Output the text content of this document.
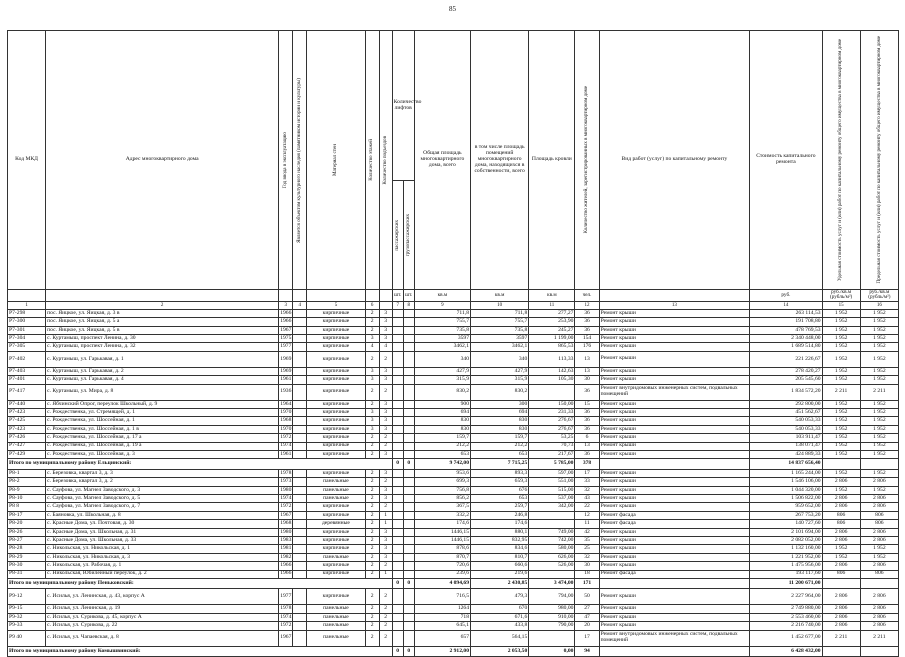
85
Код МКД	Адрес многоквартирного дома	Год ввода в эксплуатацию	Является объектом культурного наследия (памятником истории и культуры)	Материал стен	Количество этажей	Количество подъездов	Количество лифтов		Общая площадь многоквартирного дома, всего	в том числе площадь помещений многоквартирного дома, находящихся в собственности, всего	Площадь кровли	Количество жителей, зарегистрированных в многоквартирном доме	Вид работ (услуг) по капитальному ремонту	Стоимость капитального ремонта	Удельная стоимость услуг и (или) работ по капитальному ремонту общего имущества в многоквартирном доме	Предельная стоимость услуг и (или) работ по капитальному ремонту общего имущества в многоквартирном доме

							пассажирских	грузопассажирских								

							шт.	шт.	кв.м	кв.м	кв.м	чел.		руб.	руб./кв.м (рубль/м²)	руб./кв.м (рубль/м²)
1	2	3	4	5	6		7	8	9	10	11	12	13	14	15	16
P7-298	пос. Яицкое, ул. Яицкая, д. 3 в	1966		кирпичные	2	3			711,8	711,8	277,27	36	Ремонт крыши	263 114,53	1 952	1 952
P7-300	пос. Яицкое, ул. Яицкая, д. 5 а	1966		кирпичные	2	3			755,7	755,7	253,90	36	Ремонт крыши	191 708,80	1 952	1 952
P7-301	пос. Яицкое, ул. Яицкая, д. 5 в	1967		кирпичные	2	3			735,8	735,8	245,27	36	Ремонт крыши	478 769,53	1 952	1 952
P7-304	с. Куртамыш, проспект Ленина, д. 30	1975		кирпичные	3	3			3597	3597	1 199,00	154	Ремонт крыши	2 340 448,00	1 952	1 952
P7-305	с. Куртамыш, проспект Ленина, д. 32	1977		кирпичные	4	4			3462,1	3462,1	865,53	176	Ремонт крыши	1 689 514,80	1 952	1 952
P7-402	с. Куртамыш, ул. Гарькавая, д. 1	1969		кирпичные	2	2			340	340	113,33	13	Ремонт крыши	221 226,67	1 952	1 952
P7-403	с. Куртамыш, ул. Гарькавая, д. 2	1969		кирпичные	3	3			427,9	427,9	142,63	13	Ремонт крыши	278 420,27	1 952	1 952
P7-401	с. Куртамыш, ул. Гарькавая, д. 4	1961		кирпичные	3	3			315,9	315,9	105,30	30	Ремонт крыши	205 545,60	1 952	1 952
P7-417	с. Куртамыш, ул. Мира, д. 8	1936		кирпичные	2	2			830,2	830,2		36	Ремонт внутридомовых инженерных систем, подвальных помещений	1 834 572,20	2 211	2 211
P7-440	с. Ябчинский Опрог, переулок Школьный, д. 9	1964		кирпичные	2	3			900	300	150,00	15	Ремонт крыши	292 800,00	1 952	1 952
P7-423	с. Рождественка, ул. Стремящей, д. 1	1970		кирпичные	3	3			694	694	231,33	36	Ремонт крыши	451 562,67	1 952	1 952
P7-425	с. Рождественка, ул. Шоссейная, д. 1	1968		кирпичные	3	3			830	830	276,67	36	Ремонт крыши	540 053,33	1 952	1 952
P7-423	с. Рождественка, ул. Шоссейная, д. 1 в	1970		кирпичные	3	3			830	830	276,67	36	Ремонт крыши	540 053,33	1 952	1 952
P7-426	с. Рождественка, ул. Шоссейная, д. 17 а	1972		кирпичные	2	2			159,7	159,7	53,25	6	Ремонт крыши	103 911,47	1 952	1 952
P7-427	с. Рождественка, ул. Шоссейная, д. 19 а	1974		кирпичные	2	2			212,2	212,2	70,73	13	Ремонт крыши	138 071,47	1 952	1 952
P7-429	с. Рождественка, ул. Шоссейная, д. 3	1961		кирпичные	2	3			653	653	217,67	36	Ремонт крыши	424 889,33	1 952	1 952
Итого по муниципальному району Ельцинский:							0	0	9 742,00	7 715,25	5 785,00	378		14 837 656,40		
P8-1	с. Березовка, квартал 3, д. 3	1978		кирпичные	2	3			953,6	893,3	597,00	17	Ремонт крыши	1 165 244,00	1 952	1 952
P8-2	с. Березовка, квартал 3, д. 2	1973		панельные	2	2			699,3	659,3	551,00	33	Ремонт крыши	1 546 106,00	2 806	2 806
P8-9	с. Сауфова, ул. Магнел Заводского, д. 3	1980		панельные	2	3			756,8	676	515,00	32	Ремонт крыши	1 044 320,00	1 952	1 952
P8-10	с. Сауфова, ул. Магнел Заводского, д. 5	1974		панельные	2	3			856,2	653	537,00	43	Ремонт крыши	1 506 822,00	2 806	2 806
P8 8	с. Сауфова, ул. Магнел Заводского, д. 7	1972		кирпичные	2	2			367,5	259,7	342,00	22	Ремонт крыши	959 652,00	2 806	2 806
P8-17	с. Баяновка, ул. Школьная, д. 8	1967		кирпичные	2	1			332,2	246,8		12	Ремонт фасада	267 753,20	806	806
P8-20	с. Красные Дома, ул. Почтовая, д. 30	1968		деревянные	2	1			174,6	174,6		11	Ремонт фасада	140 727,60	806	806
P8-26	с. Красные Дома, ул. Школьная, д. 31	1980		кирпичные	2	3			1446,15	880,1	749,00	42	Ремонт крыши	2 101 694,00	2 806	2 806
P8-27	с. Красные Дома, ул. Школьная, д. 33	1983		кирпичные	2	3			1446,15	832,95	742,00	35	Ремонт крыши	2 082 052,00	2 806	2 806
P8-28	с. Никольская, ул. Никольская, д. 1	1981		кирпичные	2	3			878,6	834,6	580,00	25	Ремонт крыши	1 132 160,00	1 952	1 952
P8-29	с. Никольская, ул. Никольская, д. 3	1982		панельные	2	3			870,7	810,7	626,00	32	Ремонт крыши	1 221 952,00	1 952	1 952
P8-30	с. Никольская, ул. Рабочая, д. 1	1966		кирпичные	2	2			720,6	660,6	526,00	30	Ремонт крыши	1 475 956,00	2 806	2 806
P8-31	с. Никольская, Юбилейный переулок, д. 2	1966		кирпичные	2	1			239,6	219,6		18	Ремонт фасада	193 117,60	806	806
Итого по муниципальному району Пеньковский:							0	0	4 094,69	2 430,85	3 474,00	171		11 200 671,00		
P9-12	с. Исилья, ул. Ленинская, д. 43, корпус А	1977		кирпичные	2	2			716,5	479,3	794,00	50	Ремонт крыши	2 227 964,00	2 806	2 806
P9-15	с. Исилья, ул. Ленинская, д. 19	1978		панельные	2	2			1264	670	980,00	27	Ремонт крыши	2 749 880,00	2 806	2 806
P9-32	с. Исилья, ул. Сурикова, д. 45, корпус А	1974		панельные	2	2			718	671,6	910,00	47	Ремонт крыши	2 553 460,00	2 806	2 806
P9-33	с. Исилья, ул. Сурикова, д. 22	1972		панельные	2	2			645,1	433,8	790,00	20	Ремонт крыши	2 216 740,00	2 806	2 806
P9 40	с. Исилья, ул. Чапаевская, д. 8	1967		панельные	2	2			657	564,15		17	Ремонт внутридомовых инженерных систем, подвальных помещений	1 452 677,00	2 211	2 211
Итого по муниципальному району Комышвинский:							0	0	2 912,00	2 053,50	0,00	94		6 428 432,00		
